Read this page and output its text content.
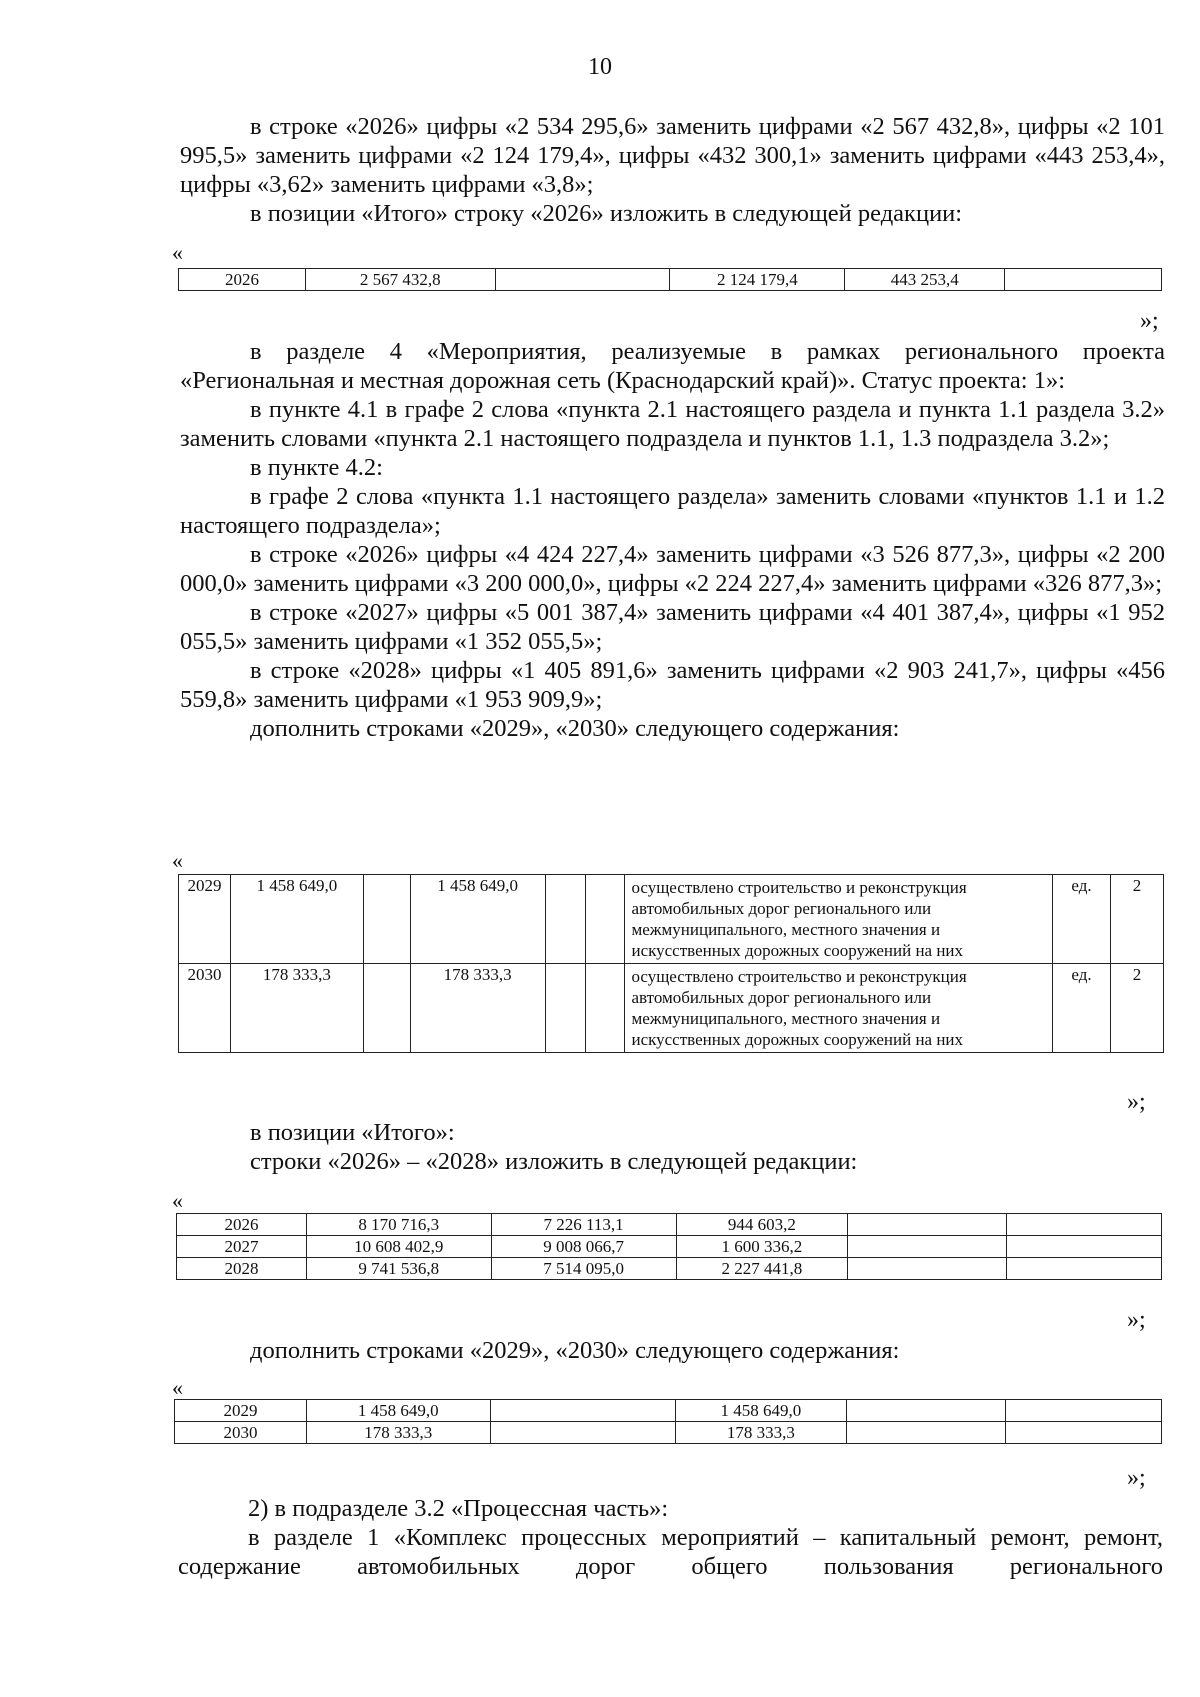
10

в строке «2026» цифры «2 534 295,6» заменить цифрами «2 567 432,8», цифры «2 101 995,5» заменить цифрами «2 124 179,4», цифры «432 300,1» заменить цифрами «443 253,4», цифры «3,62» заменить цифрами «3,8»;

в позиции «Итого» строку «2026» изложить в следующей редакции:

«
2026	2 567 432,8		2 124 179,4	443 253,4	
»;

в разделе 4 «Мероприятия, реализуемые в рамках регионального проекта «Региональная и местная дорожная сеть (Краснодарский край)». Статус проекта: 1»:

в пункте 4.1 в графе 2 слова «пункта 2.1 настоящего раздела и пункта 1.1 раздела 3.2» заменить словами «пункта 2.1 настоящего подраздела и пунктов 1.1, 1.3 подраздела 3.2»;

в пункте 4.2:

в графе 2 слова «пункта 1.1 настоящего раздела» заменить словами «пунктов 1.1 и 1.2 настоящего подраздела»;

в строке «2026» цифры «4 424 227,4» заменить цифрами «3 526 877,3», цифры «2 200 000,0» заменить цифрами «3 200 000,0», цифры «2 224 227,4» заменить цифрами «326 877,3»;

в строке «2027» цифры «5 001 387,4» заменить цифрами «4 401 387,4», цифры «1 952 055,5» заменить цифрами «1 352 055,5»;

в строке «2028» цифры «1 405 891,6» заменить цифрами «2 903 241,7», цифры «456 559,8» заменить цифрами «1 953 909,9»;

дополнить строками «2029», «2030» следующего содержания:

«
2029	1 458 649,0		1 458 649,0			осуществлено строительство и реконструкция автомобильных дорог регионального или межмуниципального, местного значения и искусственных дорожных сооружений на них	ед.	2
2030	178 333,3		178 333,3			осуществлено строительство и реконструкция автомобильных дорог регионального или межмуниципального, местного значения и искусственных дорожных сооружений на них	ед.	2
»;

в позиции «Итого»:

строки «2026» – «2028» изложить в следующей редакции:

«
2026	8 170 716,3	7 226 113,1	944 603,2		
2027	10 608 402,9	9 008 066,7	1 600 336,2		
2028	9 741 536,8	7 514 095,0	2 227 441,8		
»;

дополнить строками «2029», «2030» следующего содержания:

«
2029	1 458 649,0		1 458 649,0		
2030	178 333,3		178 333,3		
»;

2) в подразделе 3.2 «Процессная часть»:

в разделе 1 «Комплекс процессных мероприятий – капитальный ремонт, ремонт, содержание автомобильных дорог общего пользования регионального
